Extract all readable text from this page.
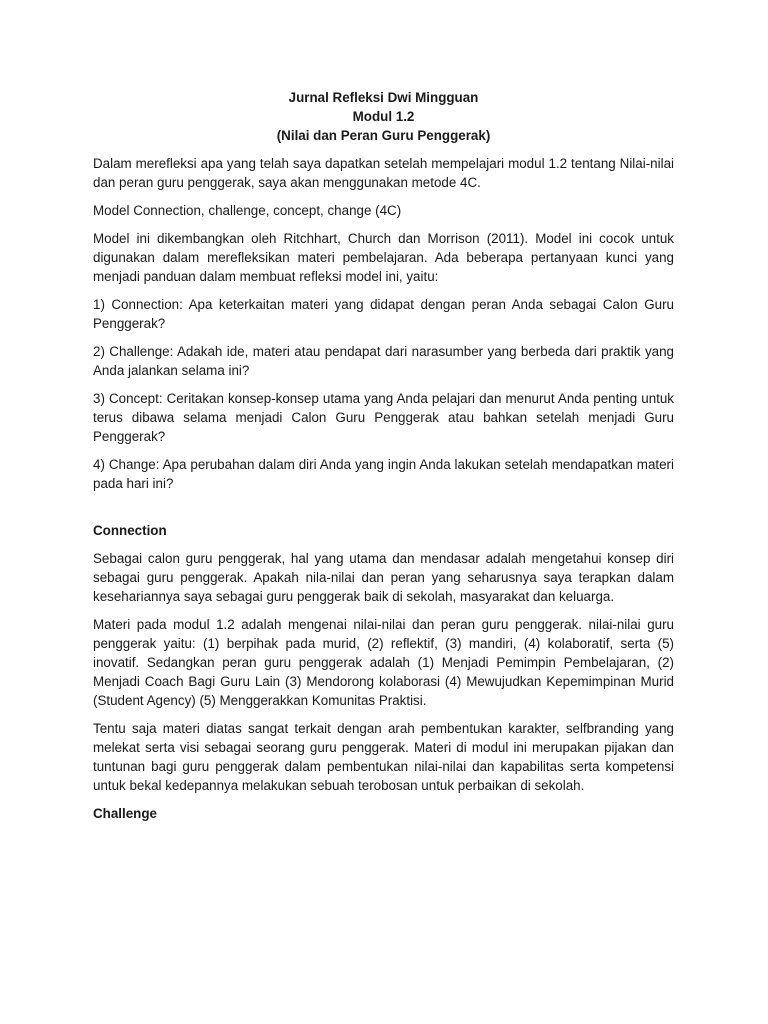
Jurnal Refleksi Dwi Mingguan
Modul 1.2
(Nilai dan Peran Guru Penggerak)

Dalam merefleksi apa yang telah saya dapatkan setelah mempelajari modul 1.2 tentang Nilai-nilai dan peran guru penggerak, saya akan menggunakan metode 4C.

Model Connection, challenge, concept, change (4C)

Model ini dikembangkan oleh Ritchhart, Church dan Morrison (2011). Model ini cocok untuk digunakan dalam merefleksikan materi pembelajaran. Ada beberapa pertanyaan kunci yang menjadi panduan dalam membuat refleksi model ini, yaitu:

1) Connection: Apa keterkaitan materi yang didapat dengan peran Anda sebagai Calon Guru Penggerak?

2) Challenge: Adakah ide, materi atau pendapat dari narasumber yang berbeda dari praktik yang Anda jalankan selama ini?

3) Concept: Ceritakan konsep-konsep utama yang Anda pelajari dan menurut Anda penting untuk terus dibawa selama menjadi Calon Guru Penggerak atau bahkan setelah menjadi Guru Penggerak?

4) Change: Apa perubahan dalam diri Anda yang ingin Anda lakukan setelah mendapatkan materi pada hari ini?

Connection

Sebagai calon guru penggerak, hal yang utama dan mendasar adalah mengetahui konsep diri sebagai guru penggerak. Apakah nila-nilai dan peran yang seharusnya saya terapkan dalam kesehariannya saya sebagai guru penggerak baik di sekolah, masyarakat dan keluarga.

Materi pada modul 1.2 adalah mengenai nilai-nilai dan peran guru penggerak. nilai-nilai guru penggerak yaitu: (1) berpihak pada murid, (2) reflektif, (3) mandiri, (4) kolaboratif, serta (5) inovatif. Sedangkan peran guru penggerak adalah (1) Menjadi Pemimpin Pembelajaran, (2) Menjadi Coach Bagi Guru Lain (3) Mendorong kolaborasi (4) Mewujudkan Kepemimpinan Murid (Student Agency) (5) Menggerakkan Komunitas Praktisi.

Tentu saja materi diatas sangat terkait dengan arah pembentukan karakter, selfbranding yang melekat serta visi sebagai seorang guru penggerak. Materi di modul ini merupakan pijakan dan tuntunan bagi guru penggerak dalam pembentukan nilai-nilai dan kapabilitas serta kompetensi untuk bekal kedepannya melakukan sebuah terobosan untuk perbaikan di sekolah.

Challenge
